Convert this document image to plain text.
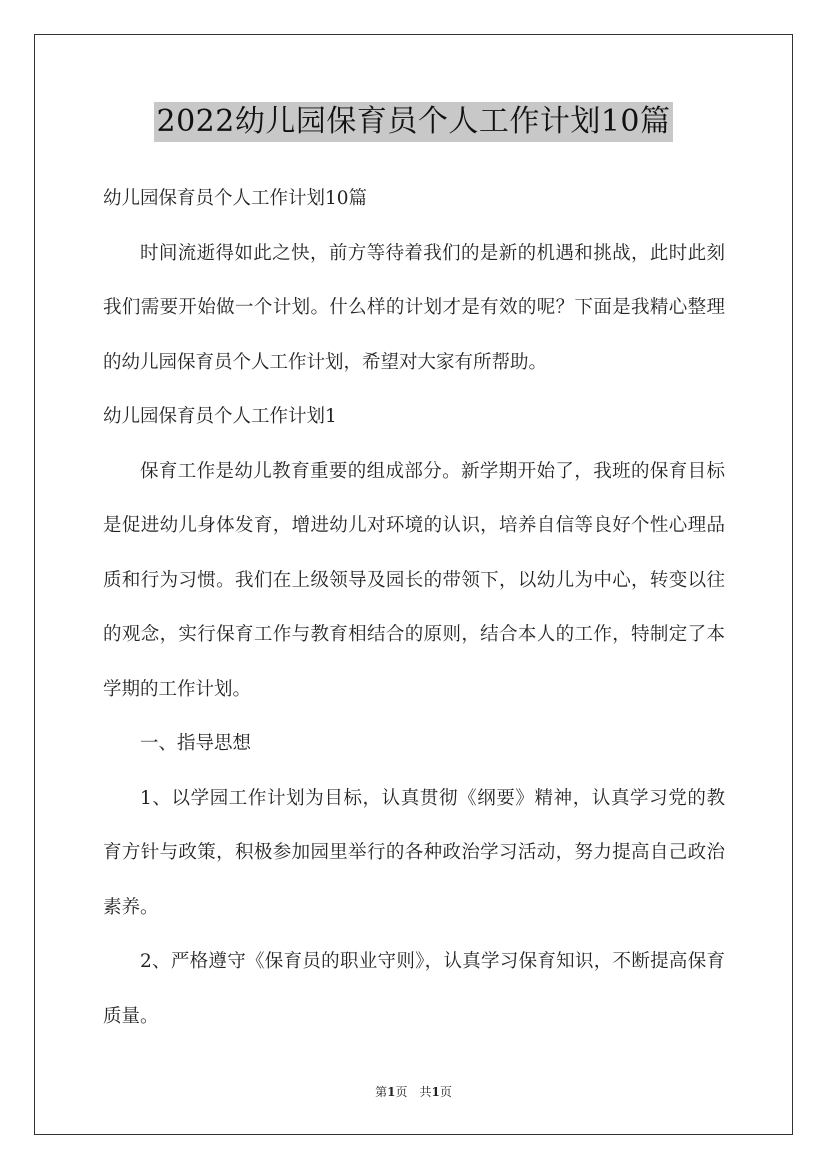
2022幼儿园保育员个人工作计划10篇

幼儿园保育员个人工作计划10篇

时间流逝得如此之快，前方等待着我们的是新的机遇和挑战，此时此刻我们需要开始做一个计划。什么样的计划才是有效的呢？下面是我精心整理的幼儿园保育员个人工作计划，希望对大家有所帮助。

幼儿园保育员个人工作计划1

保育工作是幼儿教育重要的组成部分。新学期开始了，我班的保育目标是促进幼儿身体发育，增进幼儿对环境的认识，培养自信等良好个性心理品质和行为习惯。我们在上级领导及园长的带领下，以幼儿为中心，转变以往的观念，实行保育工作与教育相结合的原则，结合本人的工作，特制定了本学期的工作计划。

一、指导思想

1、以学园工作计划为目标，认真贯彻《纲要》精神，认真学习党的教育方针与政策，积极参加园里举行的各种政治学习活动，努力提高自己政治素养。

2、严格遵守《保育员的职业守则》，认真学习保育知识，不断提高保育质量。

第1页　共1页
